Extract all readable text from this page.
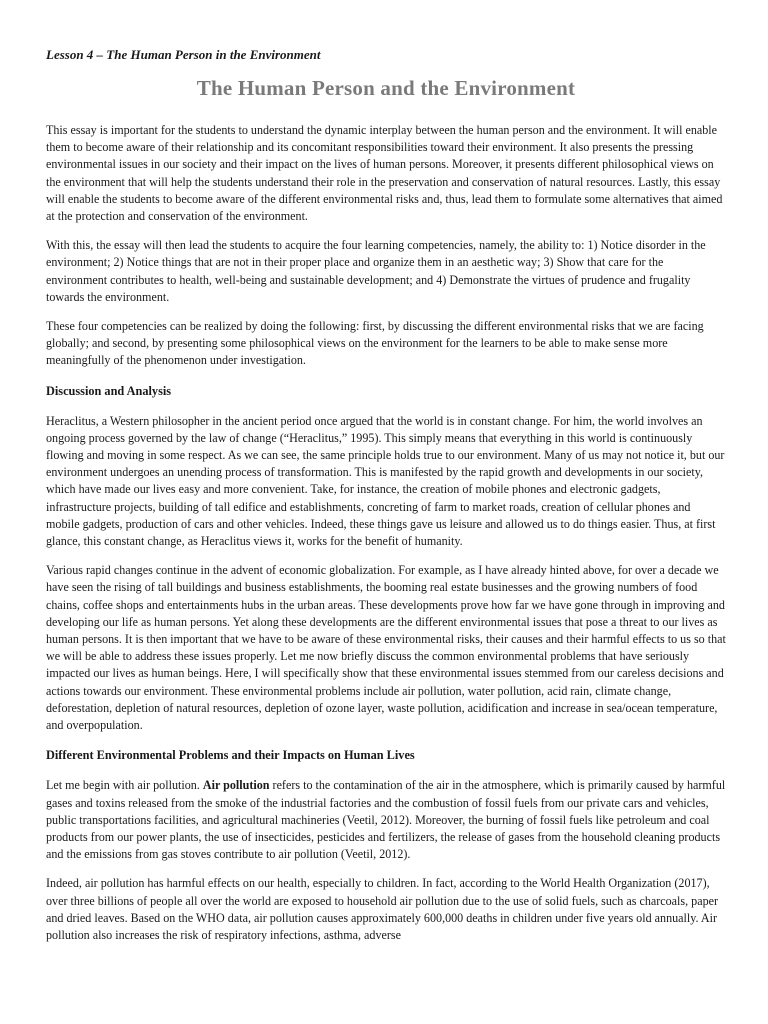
Lesson 4 – The Human Person in the Environment
The Human Person and the Environment

This essay is important for the students to understand the dynamic interplay between the human person and the environment. It will enable them to become aware of their relationship and its concomitant responsibilities toward their environment. It also presents the pressing environmental issues in our society and their impact on the lives of human persons. Moreover, it presents different philosophical views on the environment that will help the students understand their role in the preservation and conservation of natural resources. Lastly, this essay will enable the students to become aware of the different environmental risks and, thus, lead them to formulate some alternatives that aimed at the protection and conservation of the environment.

With this, the essay will then lead the students to acquire the four learning competencies, namely, the ability to: 1) Notice disorder in the environment; 2) Notice things that are not in their proper place and organize them in an aesthetic way; 3) Show that care for the environment contributes to health, well-being and sustainable development; and 4) Demonstrate the virtues of prudence and frugality towards the environment.

These four competencies can be realized by doing the following: first, by discussing the different environmental risks that we are facing globally; and second, by presenting some philosophical views on the environment for the learners to be able to make sense more meaningfully of the phenomenon under investigation.

Discussion and Analysis

Heraclitus, a Western philosopher in the ancient period once argued that the world is in constant change. For him, the world involves an ongoing process governed by the law of change (“Heraclitus,” 1995). This simply means that everything in this world is continuously flowing and moving in some respect. As we can see, the same principle holds true to our environment. Many of us may not notice it, but our environment undergoes an unending process of transformation. This is manifested by the rapid growth and developments in our society, which have made our lives easy and more convenient. Take, for instance, the creation of mobile phones and electronic gadgets, infrastructure projects, building of tall edifice and establishments, concreting of farm to market roads, creation of cellular phones and mobile gadgets, production of cars and other vehicles. Indeed, these things gave us leisure and allowed us to do things easier. Thus, at first glance, this constant change, as Heraclitus views it, works for the benefit of humanity.

Various rapid changes continue in the advent of economic globalization. For example, as I have already hinted above, for over a decade we have seen the rising of tall buildings and business establishments, the booming real estate businesses and the growing numbers of food chains, coffee shops and entertainments hubs in the urban areas. These developments prove how far we have gone through in improving and developing our life as human persons. Yet along these developments are the different environmental issues that pose a threat to our lives as human persons. It is then important that we have to be aware of these environmental risks, their causes and their harmful effects to us so that we will be able to address these issues properly. Let me now briefly discuss the common environmental problems that have seriously impacted our lives as human beings. Here, I will specifically show that these environmental issues stemmed from our careless decisions and actions towards our environment. These environmental problems include air pollution, water pollution, acid rain, climate change, deforestation, depletion of natural resources, depletion of ozone layer, waste pollution, acidification and increase in sea/ocean temperature, and overpopulation.

Different Environmental Problems and their Impacts on Human Lives

Let me begin with air pollution. Air pollution refers to the contamination of the air in the atmosphere, which is primarily caused by harmful gases and toxins released from the smoke of the industrial factories and the combustion of fossil fuels from our private cars and vehicles, public transportations facilities, and agricultural machineries (Veetil, 2012). Moreover, the burning of fossil fuels like petroleum and coal products from our power plants, the use of insecticides, pesticides and fertilizers, the release of gases from the household cleaning products and the emissions from gas stoves contribute to air pollution (Veetil, 2012).

Indeed, air pollution has harmful effects on our health, especially to children. In fact, according to the World Health Organization (2017), over three billions of people all over the world are exposed to household air pollution due to the use of solid fuels, such as charcoals, paper and dried leaves. Based on the WHO data, air pollution causes approximately 600,000 deaths in children under five years old annually. Air pollution also increases the risk of respiratory infections, asthma, adverse
